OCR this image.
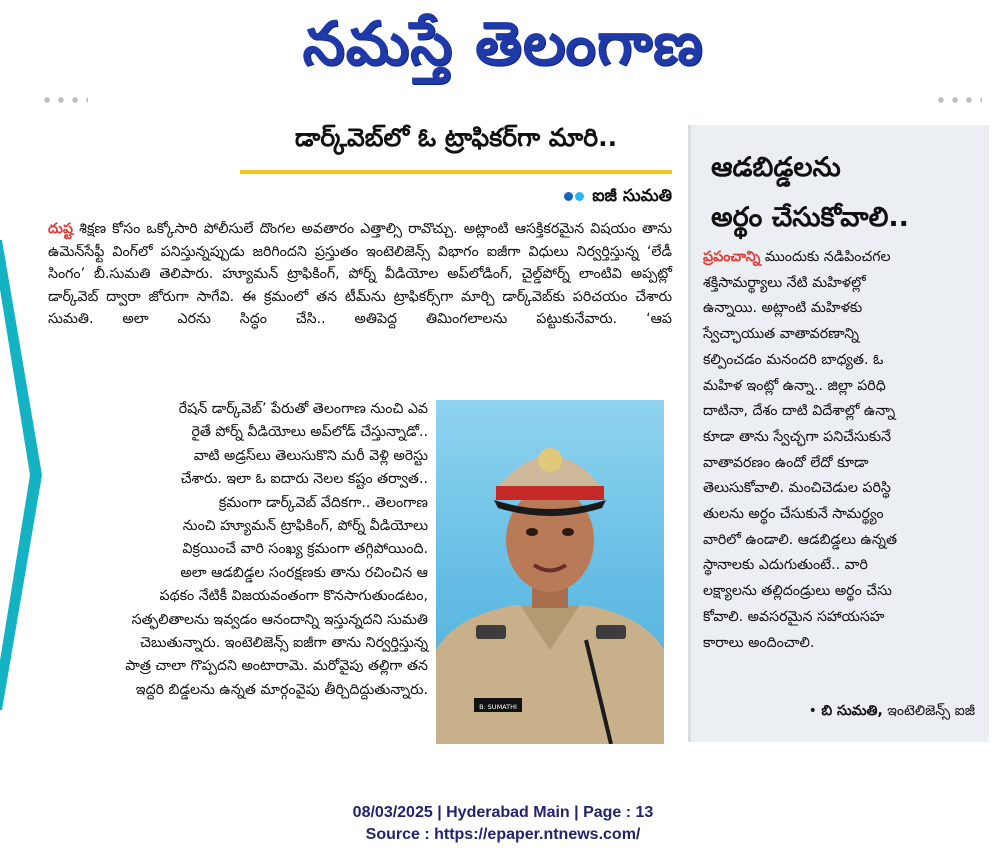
నమస్తే తెలంగాణ
డార్క్‌వెబ్‌లో ఓ ట్రాఫికర్‌గా మారి..
ఐజీ సుమతి

దుష్ట శిక్షణ కోసం ఒక్కోసారి పోలీసులే దొంగల అవతారం ఎత్తాల్సి రావొచ్చు. అట్లాంటి ఆసక్తికరమైన విషయం తాను ఉమెన్‌సేఫ్టీ వింగ్‌లో పనిస్తున్నప్పుడు జరిగిందని ప్రస్తుతం ఇంటెలిజెన్స్ విభాగం ఐజీగా విధులు నిర్వర్తిస్తున్న ‘లేడీ సింగం’ బీ.సుమతి తెలిపారు. హ్యూమన్ ట్రాఫికింగ్, పోర్న్ వీడియోల అప్‌లోడింగ్, చైల్డ్‌పోర్న్ లాంటివి అప్పట్లో డార్క్‌వెబ్ ద్వారా జోరుగా సాగేవి. ఈ క్రమంలో తన టీమ్‌ను ట్రాఫికర్స్‌గా మార్చి డార్క్‌వెబ్‌కు పరిచయం చేశారు సుమతి. అలా ఎరను సిద్ధం చేసి.. అతిపెద్ద తిమింగలాలను పట్టుకునేవారు. ‘ఆప

రేషన్ డార్క్‌వెబ్’ పేరుతో తెలంగాణ నుంచి ఎవ

రైతే పోర్న్ వీడియోలు అప్‌లోడ్ చేస్తున్నాడో..

వాటి అడ్రస్‌లు తెలుసుకొని మరీ వెళ్లి అరెస్టు

చేశారు. ఇలా ఓ ఐదారు నెలల కష్టం తర్వాత..

క్రమంగా డార్క్‌వెబ్ వేదికగా.. తెలంగాణ

నుంచి హ్యూమన్ ట్రాఫికింగ్, పోర్న్ వీడియోలు

విక్రయించే వారి సంఖ్య క్రమంగా తగ్గిపోయింది.

అలా ఆడబిడ్డల సంరక్షణకు తాను రచించిన ఆ

పథకం నేటికీ విజయవంతంగా కొనసాగుతుండటం,

సత్ఫలితాలను ఇవ్వడం ఆనందాన్ని ఇస్తున్నదని సుమతి

చెబుతున్నారు. ఇంటెలిజెన్స్ ఐజీగా తాను నిర్వర్తిస్తున్న

పాత్ర చాలా గొప్పదని అంటారామె. మరోవైపు తల్లిగా తన

ఇద్దరి బిడ్డలను ఉన్నత మార్గంవైపు తీర్చిదిద్దుతున్నారు.

B. SUMATHI
ఆడబిడ్డలను
అర్థం చేసుకోవాలి..

ప్రపంచాన్ని ముందుకు నడిపించగల

శక్తిసామర్థ్యాలు నేటి మహిళల్లో

ఉన్నాయి. అట్లాంటి మహిళకు

స్వేచ్ఛాయుత వాతావరణాన్ని

కల్పించడం మనందరి బాధ్యత. ఓ

మహిళ ఇంట్లో ఉన్నా.. జిల్లా పరిధి

దాటినా, దేశం దాటి విదేశాల్లో ఉన్నా

కూడా తాను స్వేచ్ఛగా పనిచేసుకునే

వాతావరణం ఉందో లేదో కూడా

తెలుసుకోవాలి. మంచిచెడుల పరిస్థి

తులను అర్థం చేసుకునే సామర్థ్యం

వారిలో ఉండాలి. ఆడబిడ్డలు ఉన్నత

స్థానాలకు ఎదుగుతుంటే.. వారి

లక్ష్యాలను తల్లిదండ్రులు అర్థం చేసు

కోవాలి. అవసరమైన సహాయసహ

కారాలు అందించాలి.

• బి సుమతి, ఇంటెలిజెన్స్ ఐజీ
08/03/2025 | Hyderabad Main | Page : 13
Source : https://epaper.ntnews.com/
